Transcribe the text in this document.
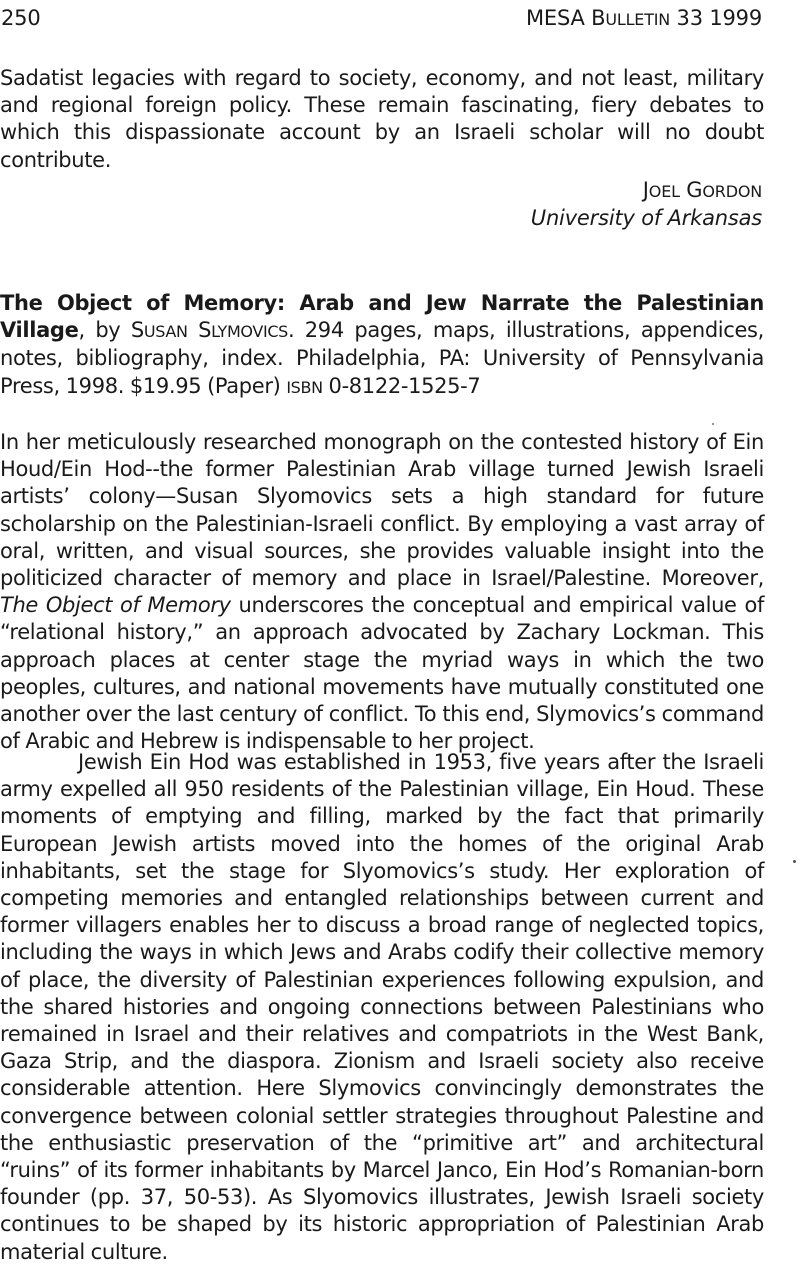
250	MESA BULLETIN 33 1999

Sadatist legacies with regard to society, economy, and not least, military and regional foreign policy. These remain fascinating, fiery debates to which this dispassionate account by an Israeli scholar will no doubt contribute.

JOEL GORDON
University of Arkansas

The Object of Memory: Arab and Jew Narrate the Palestinian Village, by SUSAN SLYMOVICS. 294 pages, maps, illustrations, appendices, notes, bibliography, index. Philadelphia, PA: University of Pennsylvania Press, 1998. $19.95 (Paper) ISBN 0-8122-1525-7

In her meticulously researched monograph on the contested history of Ein Houd/Ein Hod--the former Palestinian Arab village turned Jewish Israeli artists’ colony—Susan Slyomovics sets a high standard for future scholarship on the Palestinian-Israeli conflict. By employing a vast array of oral, written, and visual sources, she provides valuable insight into the politicized character of memory and place in Israel/Palestine. Moreover, The Object of Memory underscores the conceptual and empirical value of “relational history,” an approach advocated by Zachary Lockman. This approach places at center stage the myriad ways in which the two peoples, cultures, and national movements have mutually constituted one another over the last century of conflict. To this end, Slymovics’s command of Arabic and Hebrew is indispensable to her project.

Jewish Ein Hod was established in 1953, five years after the Israeli army expelled all 950 residents of the Palestinian village, Ein Houd. These moments of emptying and filling, marked by the fact that primarily European Jewish artists moved into the homes of the original Arab inhabitants, set the stage for Slyomovics’s study. Her exploration of competing memories and entangled relationships between current and former villagers enables her to discuss a broad range of neglected topics, including the ways in which Jews and Arabs codify their collective memory of place, the diversity of Palestinian experiences following expulsion, and the shared histories and ongoing connections between Palestinians who remained in Israel and their relatives and compatriots in the West Bank, Gaza Strip, and the diaspora. Zionism and Israeli society also receive considerable attention. Here Slymovics convincingly demonstrates the convergence between colonial settler strategies throughout Palestine and the enthusiastic preservation of the “primitive art” and architectural “ruins” of its former inhabitants by Marcel Janco, Ein Hod’s Romanian-born founder (pp. 37, 50-53). As Slyomovics illustrates, Jewish Israeli society continues to be shaped by its historic appropriation of Palestinian Arab material culture.
